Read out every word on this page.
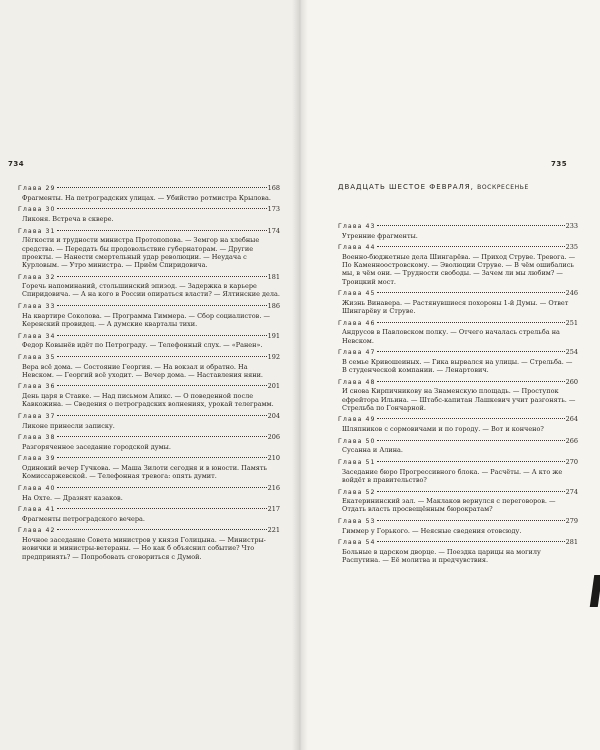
734	735
ДВАДЦАТЬ ШЕСТОЕ ФЕВРАЛЯ, ВОСКРЕСЕНЬЕ
Глава 29	168
Фрагменты. На петроградских улицах. — Убийство ротмистра Крылова.
Глава 30	173
Ликоня. Встреча в сквере.
Глава 31	174
Лёгкости и трудности министра Протопопова. — Земгор на хлебные средства. — Передать бы продовольствие губернаторам. — Другие проекты. — Нанести смертельный удар революции. — Неудача с Курловым. — Утро министра. — Приём Спиридовича.
Глава 32	181
Горечь напоминаний, стольшинский эпизод. — Задержка в карьере Спиридовича. — А на кого в России опираться власти? — Ялтинские дела.
Глава 33	186
На квартире Соколова. — Программа Гиммера. — Сбор социалистов. — Керенский провидец. — А думские кварталы тихи.
Глава 34	191
Федор Ковынёв идёт по Петрограду. — Телефонный слух. — «Ранен».
Глава 35	192
Вера всё дома. — Состояние Георгия. — На вокзал и обратно. На Невском. — Георгий всё уходит. — Вечер дома. — Наставления няни.
Глава 36	201
День царя в Ставке. — Над письмом Аликс. — О поведенной после Кавкожина. — Сведения о петроградских волнениях, урокай телеграмм.
Глава 37	204
Ликоне принесли записку.
Глава 38	206
Разгоряченное заседание городской думы.
Глава 39	210
Одинокий вечер Гучкова. — Маша Зилоти сегодня и в юности. Память Комиссаржевской. — Телефонная тревога: опять думит.
Глава 40	216
На Охте. — Дразнят казаков.
Глава 41	217
Фрагменты петроградского вечера.
Глава 42	221
Ночное заседание Совета министров у князя Голицына. — Министры-новички и министры-ветераны. — Но как б объяснил событие? Что предпринять? — Попробовать сговориться с Думой.
Глава 43	233
Утренние фрагменты.
Глава 44	235
Военно-бюджетные дела Шингарёва. — Приход Струве. Тревога. — По Каменноостровскому. — Эволюции Струве. — В чём ошибались мы, в чём они. — Трудности свободы. — Зачем ли мы любим? — Троицкий мост.
Глава 45	246
Жизнь Винавера. — Растянувшиеся похороны 1-й Думы. — Ответ Шингарёву и Струве.
Глава 46	251
Андрусов в Павловском полку. — Отчего началась стрельба на Невском.
Глава 47	254
В семье Кривошеиных. — Гика вырвался на улицы. — Стрельба. — В студенческой компании. — Ленартович.
Глава 48	260
И снова Кирпичникову на Знаменскую площадь. — Проступок ефрейтора Ильина. — Штабс-капитан Лашкевич учит разгонять. — Стрельба по Гончарной.
Глава 49	264
Шляпников с сормовичами и по городу. — Вот и конченo?
Глава 50	266
Сусанна и Алина.
Глава 51	270
Заседание бюро Прогрессивного блока. — Расчёты. — А кто же войдёт в правительство?
Глава 52	274
Екатерининский зал. — Маклаков вернулся с переговоров. — Отдать власть просвещённым бюрократам?
Глава 53	279
Гиммер у Горького. — Неясные сведения отовсюду.
Глава 54	281
Больные в царском дворце. — Поездка царицы на могилу Распутина. — Её молитва и предчувствия.
